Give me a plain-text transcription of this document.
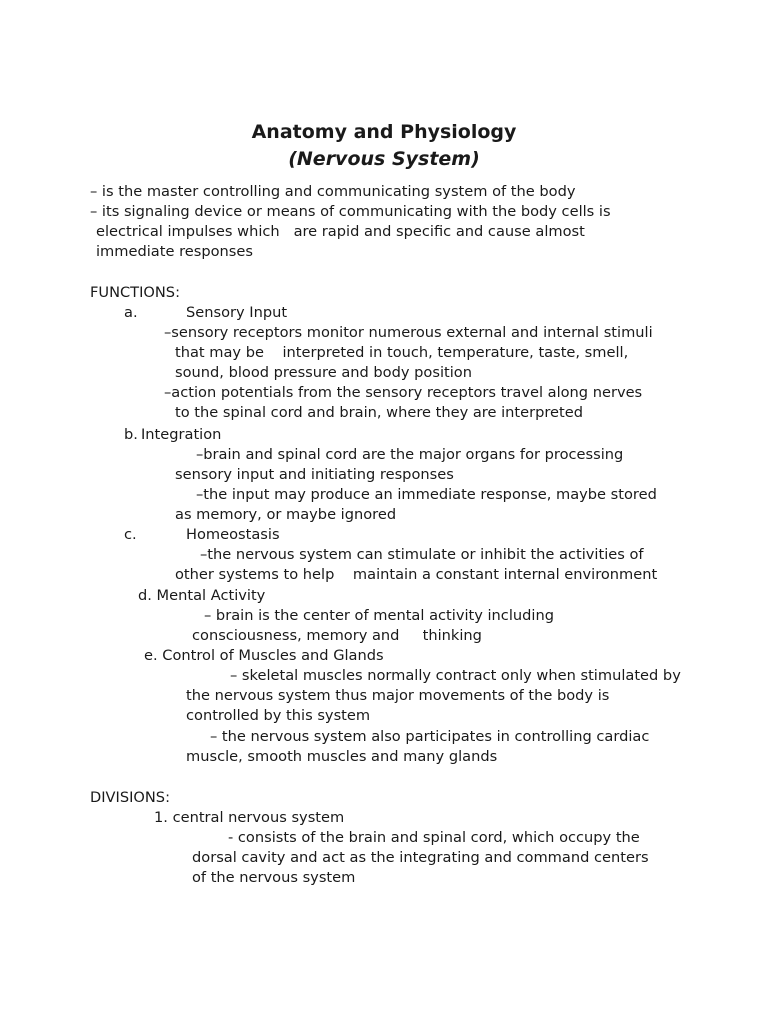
Anatomy and Physiology
(Nervous System)

– is the master controlling and communicating system of the body

– its signaling device or means of communicating with the body cells is

electrical impulses which   are rapid and specific and cause almost

immediate responses

FUNCTIONS:

a.	Sensory Input

–sensory receptors monitor numerous external and internal stimuli

that may be    interpreted in touch, temperature, taste, smell,

sound, blood pressure and body position

–action potentials from the sensory receptors travel along nerves

to the spinal cord and brain, where they are interpreted

b. Integration

–brain and spinal cord are the major organs for processing

sensory input and initiating responses

–the input may produce an immediate response, maybe stored

as memory, or maybe ignored

c.	Homeostasis

–the nervous system can stimulate or inhibit the activities of

other systems to help    maintain a constant internal environment

d. Mental Activity

– brain is the center of mental activity including

consciousness, memory and     thinking

e. Control of Muscles and Glands

– skeletal muscles normally contract only when stimulated by

the nervous system thus major movements of the body is

controlled by this system

– the nervous system also participates in controlling cardiac

muscle, smooth muscles and many glands

DIVISIONS:

1. central nervous system

- consists of the brain and spinal cord, which occupy the

dorsal cavity and act as the integrating and command centers

of the nervous system
